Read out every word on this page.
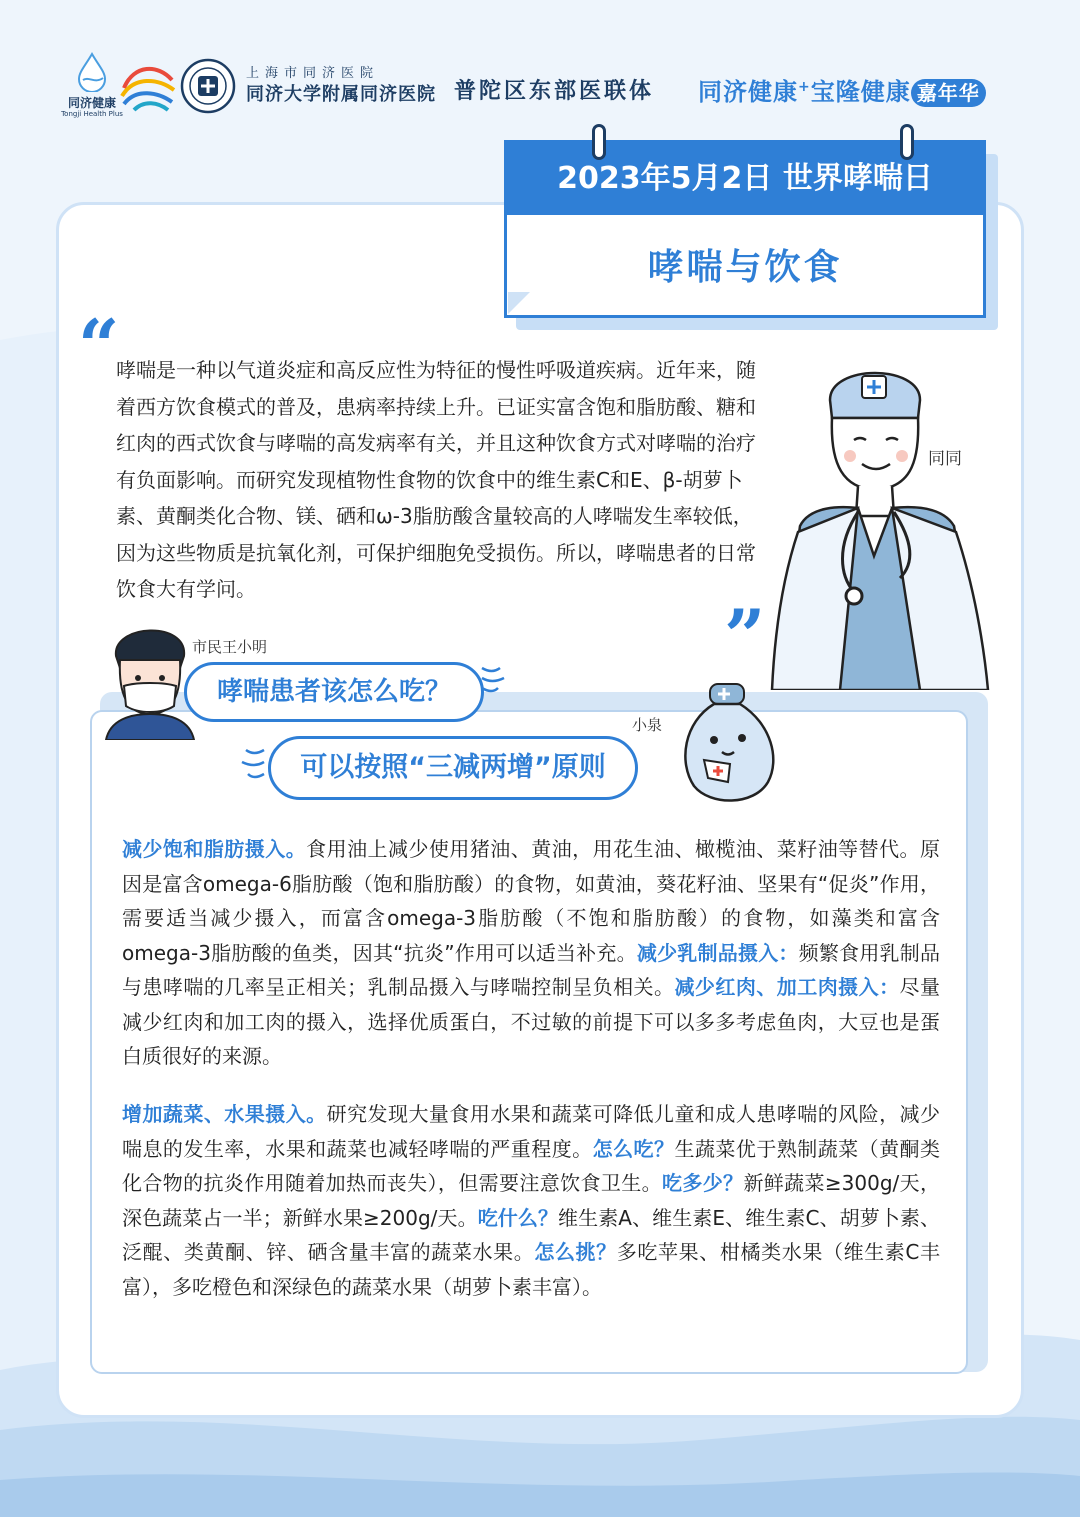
同济健康
Tongji Health Plus
上海市同济医院
同济大学附属同济医院 普陀区东部医联体 同济健康+宝隆健康 嘉年华
2023年5月2日 世界哮喘日
哮喘与饮食
“
哮喘是一种以气道炎症和高反应性为特征的慢性呼吸道疾病。近年来，随着西方饮食模式的普及，患病率持续上升。已证实富含饱和脂肪酸、糖和红肉的西式饮食与哮喘的高发病率有关，并且这种饮食方式对哮喘的治疗有负面影响。而研究发现植物性食物的饮食中的维生素C和E、β-胡萝卜素、黄酮类化合物、镁、硒和ω-3脂肪酸含量较高的人哮喘发生率较低，因为这些物质是抗氧化剂，可保护细胞免受损伤。所以，哮喘患者的日常饮食大有学问。
”
同同
市民王小明
哮喘患者该怎么吃？
可以按照“三减两增”原则
小泉
减少饱和脂肪摄入。食用油上减少使用猪油、黄油，用花生油、橄榄油、菜籽油等替代。原因是富含omega-6脂肪酸（饱和脂肪酸）的食物，如黄油，葵花籽油、坚果有“促炎”作用，需要适当减少摄入，而富含omega-3脂肪酸（不饱和脂肪酸）的食物，如藻类和富含omega-3脂肪酸的鱼类，因其“抗炎”作用可以适当补充。减少乳制品摄入：频繁食用乳制品与患哮喘的几率呈正相关；乳制品摄入与哮喘控制呈负相关。减少红肉、加工肉摄入：尽量减少红肉和加工肉的摄入，选择优质蛋白，不过敏的前提下可以多多考虑鱼肉，大豆也是蛋白质很好的来源。
增加蔬菜、水果摄入。研究发现大量食用水果和蔬菜可降低儿童和成人患哮喘的风险，减少喘息的发生率，水果和蔬菜也减轻哮喘的严重程度。怎么吃？生蔬菜优于熟制蔬菜（黄酮类化合物的抗炎作用随着加热而丧失），但需要注意饮食卫生。吃多少？新鲜蔬菜≥300g/天，深色蔬菜占一半；新鲜水果≥200g/天。吃什么？维生素A、维生素E、维生素C、胡萝卜素、泛醌、类黄酮、锌、硒含量丰富的蔬菜水果。怎么挑？多吃苹果、柑橘类水果（维生素C丰富），多吃橙色和深绿色的蔬菜水果（胡萝卜素丰富）。
